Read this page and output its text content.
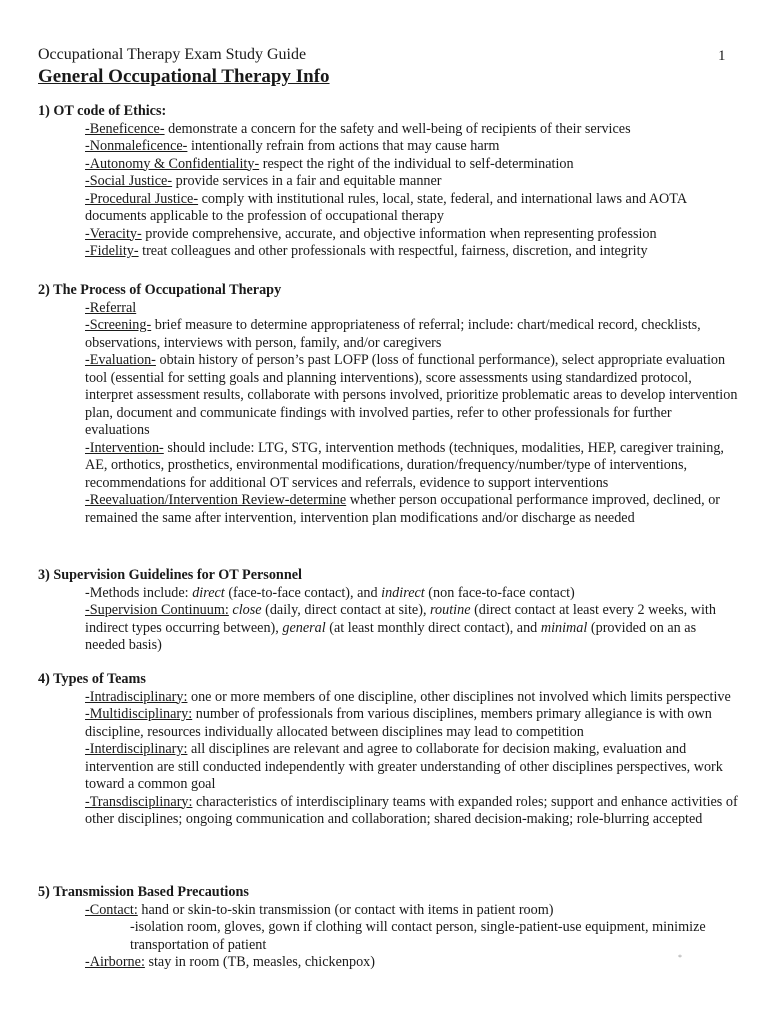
Occupational Therapy Exam Study Guide
General Occupational Therapy Info
1
1) OT code of Ethics:

-Beneficence- demonstrate a concern for the safety and well-being of recipients of their services

-Nonmaleficence- intentionally refrain from actions that may cause harm

-Autonomy & Confidentiality- respect the right of the individual to self-determination

-Social Justice- provide services in a fair and equitable manner

-Procedural Justice- comply with institutional rules, local, state, federal, and international laws and AOTA documents applicable to the profession of occupational therapy

-Veracity- provide comprehensive, accurate, and objective information when representing profession

-Fidelity- treat colleagues and other professionals with respectful, fairness, discretion, and integrity

2) The Process of Occupational Therapy

-Referral

-Screening- brief measure to determine appropriateness of referral; include: chart/medical record, checklists, observations, interviews with person, family, and/or caregivers

-Evaluation- obtain history of person’s past LOFP (loss of functional performance), select appropriate evaluation tool (essential for setting goals and planning interventions), score assessments using standardized protocol, interpret assessment results, collaborate with persons involved, prioritize problematic areas to develop intervention plan, document and communicate findings with involved parties, refer to other professionals for further evaluations

-Intervention- should include: LTG, STG, intervention methods (techniques, modalities, HEP, caregiver training, AE, orthotics, prosthetics, environmental modifications, duration/frequency/number/type of interventions, recommendations for additional OT services and referrals, evidence to support interventions

-Reevaluation/Intervention Review-determine whether person occupational performance improved, declined, or remained the same after intervention, intervention plan modifications and/or discharge as needed

3) Supervision Guidelines for OT Personnel

-Methods include: direct (face-to-face contact), and indirect (non face-to-face contact)

-Supervision Continuum: close (daily, direct contact at site), routine (direct contact at least every 2 weeks, with indirect types occurring between), general (at least monthly direct contact), and minimal (provided on an as needed basis)

4) Types of Teams

-Intradisciplinary: one or more members of one discipline, other disciplines not involved which limits perspective

-Multidisciplinary: number of professionals from various disciplines, members primary allegiance is with own discipline, resources individually allocated between disciplines may lead to competition

-Interdisciplinary: all disciplines are relevant and agree to collaborate for decision making, evaluation and intervention are still conducted independently with greater understanding of other disciplines perspectives, work toward a common goal

-Transdisciplinary: characteristics of interdisciplinary teams with expanded roles; support and enhance activities of other disciplines; ongoing communication and collaboration; shared decision-making; role-blurring accepted

5) Transmission Based Precautions

-Contact: hand or skin-to-skin transmission (or contact with items in patient room)

-isolation room, gloves, gown if clothing will contact person, single-patient-use equipment, minimize transportation of patient

-Airborne: stay in room (TB, measles, chickenpox)	*
